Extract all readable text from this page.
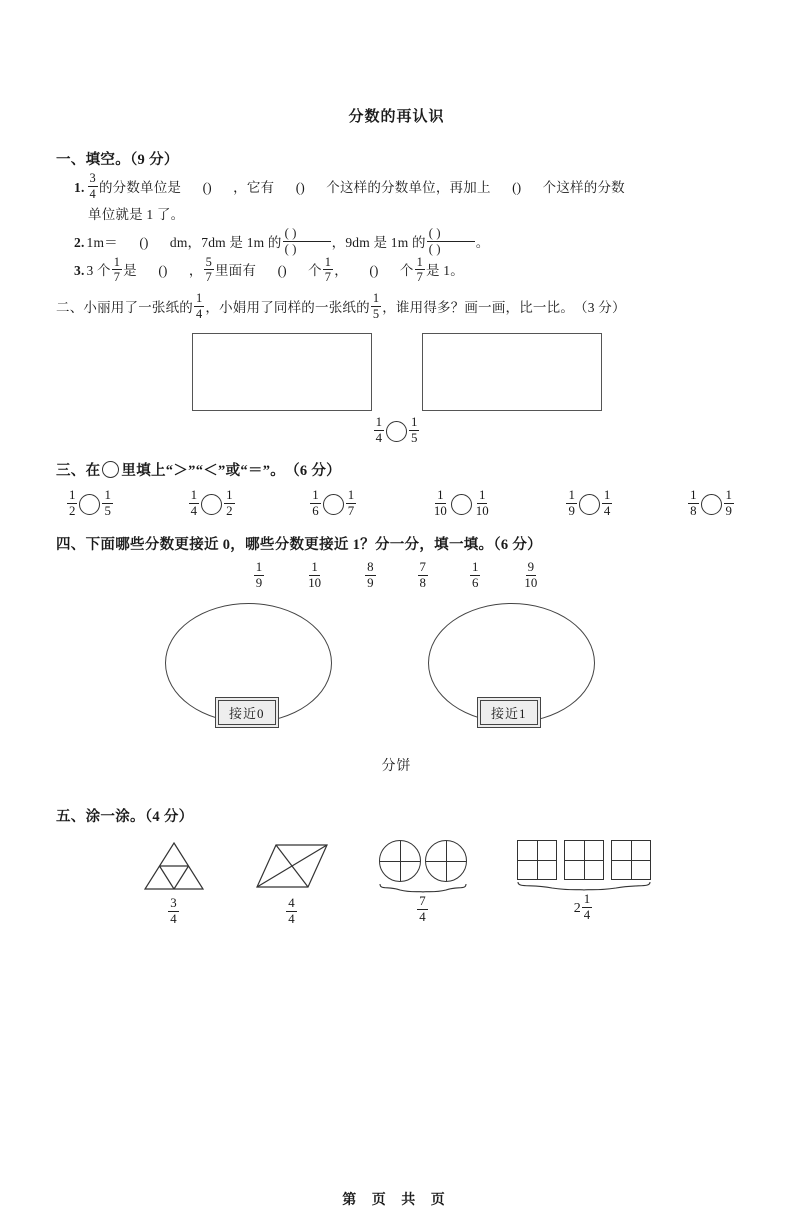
分数的再认识
一、填空。（9 分）
1. $\frac{3}{4}$ 的分数单位是 ( )	，它有 ( )	个这样的分数单位，再加上 ( )	个这样的分数
单位就是 1 了。
2. 1m＝ ( )	dm，7dm 是 1m 的 $\frac{( )}{( )}$ ，9dm 是 1m 的 $\frac{( )}{( )}$ 。
3. 3 个 $\frac{1}{7}$ 是 ( )	， $\frac{5}{7}$ 里面有 ( )	个 $\frac{1}{7}$ ， ( )	个 $\frac{1}{7}$ 是 1。
二、小丽用了一张纸的 $\frac{1}{4}$ ，小娟用了同样的一张纸的 $\frac{1}{5}$ ，谁用得多？画一画，比一比。 （3 分）
$\frac{1}{4} \frac{1}{5}$
三、在 里填上“＞”“＜”或“＝”。 （6 分）
$\frac{1}{2} \frac{1}{5}$	$\frac{1}{4} \frac{1}{2}$	$\frac{1}{6} \frac{1}{7}$	$\frac{1}{10} \frac{1}{10}$	$\frac{1}{9} \frac{1}{4}$	$\frac{1}{8} \frac{1}{9}$
四、下面哪些分数更接近 0，哪些分数更接近 1？分一分，填一填。（6 分）
$\frac{1}{9}$	$\frac{1}{10}$	$\frac{8}{9}$	$\frac{7}{8}$	$\frac{1}{6}$	$\frac{9}{10}$
接近0	接近1
分饼
五、涂一涂。（4 分）
$\frac{3}{4}$	$\frac{4}{4}$	$\frac{7}{4}$	$2 \frac{1}{4}$
第 页 共 页
